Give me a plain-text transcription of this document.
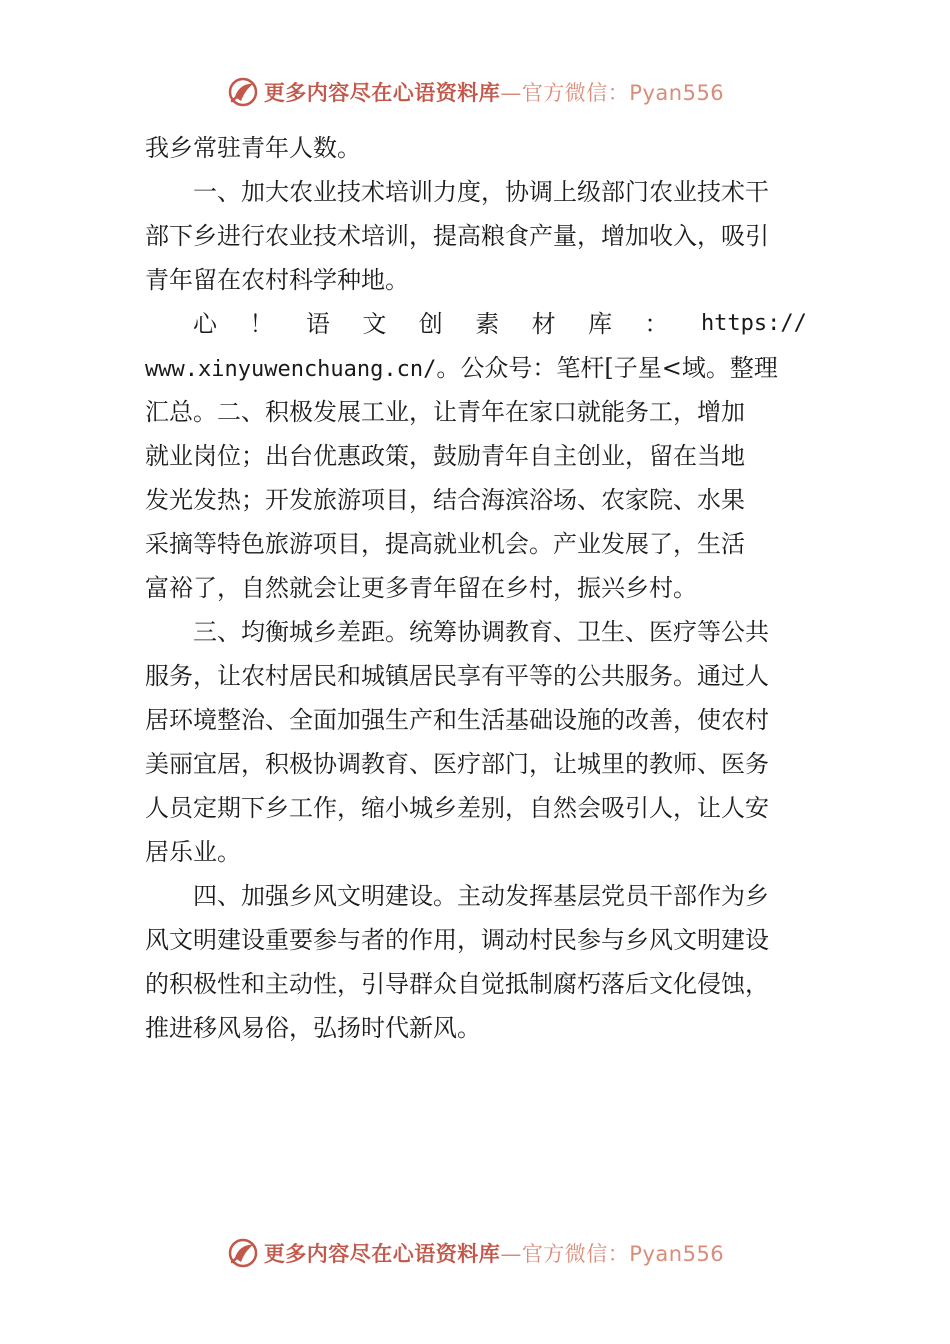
更多内容尽在心语资料库—官方微信：Pyan556
我乡常驻青年人数。
一、加大农业技术培训力度，协调上级部门农业技术干
部下乡进行农业技术培训，提高粮食产量，增加收入，吸引
青年留在农村科学种地。
心 ！ 语 文 创 素 材 库 ： https://
www.xinyuwenchuang.cn/。公众号：笔杆[子星<域。整理
汇总。二、积极发展工业，让青年在家口就能务工，增加
就业岗位；出台优惠政策，鼓励青年自主创业，留在当地
发光发热；开发旅游项目，结合海滨浴场、农家院、水果
采摘等特色旅游项目，提高就业机会。产业发展了，生活
富裕了，自然就会让更多青年留在乡村，振兴乡村。
三、均衡城乡差距。统筹协调教育、卫生、医疗等公共
服务，让农村居民和城镇居民享有平等的公共服务。通过人
居环境整治、全面加强生产和生活基础设施的改善，使农村
美丽宜居，积极协调教育、医疗部门，让城里的教师、医务
人员定期下乡工作，缩小城乡差别，自然会吸引人，让人安
居乐业。
四、加强乡风文明建设。主动发挥基层党员干部作为乡
风文明建设重要参与者的作用，调动村民参与乡风文明建设
的积极性和主动性，引导群众自觉抵制腐朽落后文化侵蚀，
推进移风易俗，弘扬时代新风。
更多内容尽在心语资料库—官方微信：Pyan556
